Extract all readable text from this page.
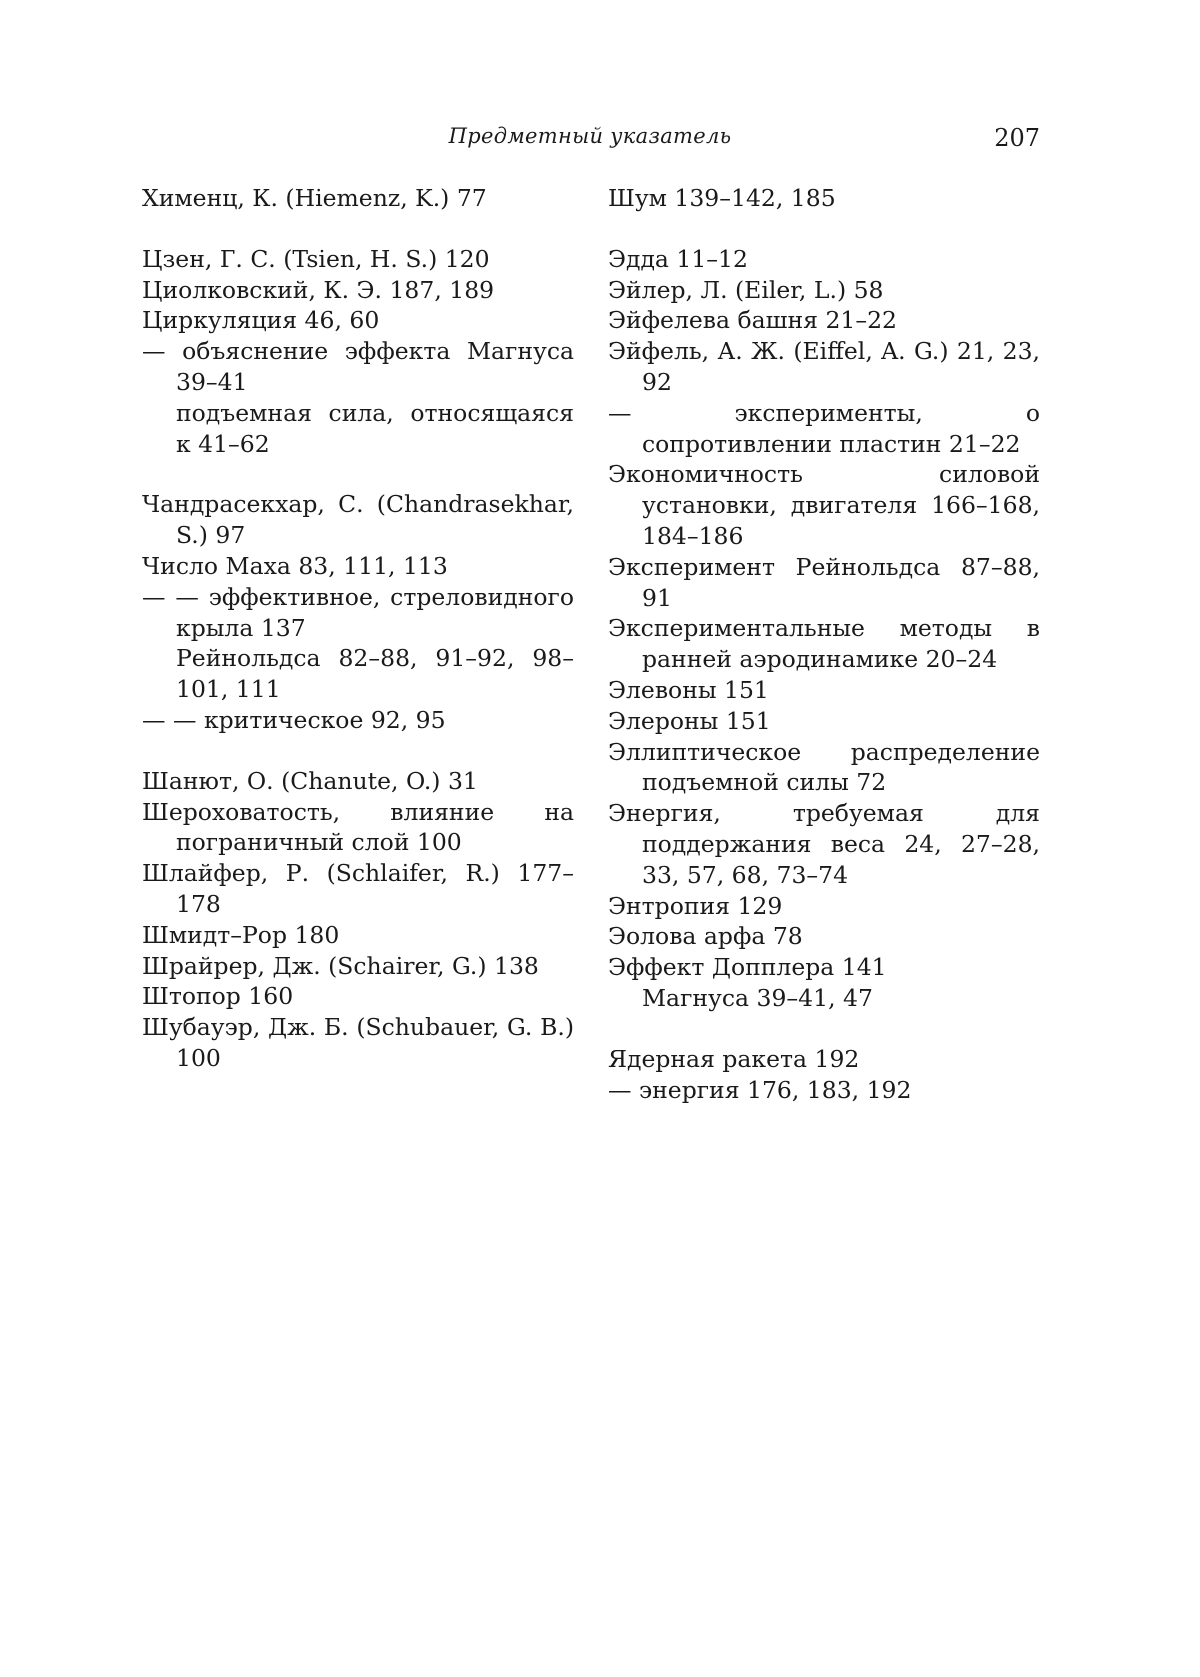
Предметный указатель	207

Хименц, К. (Hiemenz, K.) 77

Цзен, Г. С. (Tsien, H. S.) 120

Циолковский, К. Э. 187, 189

Циркуляция 46, 60

— объяснение эффекта Магнуса 39–41

подъемная сила, относящаяся к 41–62

Чандрасекхар, С. (Chandrasekhar, S.) 97

Число Маха 83, 111, 113

— — эффективное, стреловидного крыла 137

Рейнольдса 82–88, 91–92, 98–101, 111

— — критическое 92, 95

Шанют, О. (Chanute, O.) 31

Шероховатость, влияние на пограничный слой 100

Шлайфер, Р. (Schlaifer, R.) 177–178

Шмидт–Рор 180

Шрайрер, Дж. (Schairer, G.) 138

Штопор 160

Шубауэр, Дж. Б. (Schubauer, G. B.) 100

Шум 139–142, 185

Эдда 11–12

Эйлер, Л. (Eiler, L.) 58

Эйфелева башня 21–22

Эйфель, А. Ж. (Eiffel, A. G.) 21, 23, 92

— эксперименты, о сопротивлении пластин 21–22

Экономичность силовой установки, двигателя 166–168, 184–186

Эксперимент Рейнольдса 87–88, 91

Экспериментальные методы в ранней аэродинамике 20–24

Элевоны 151

Элероны 151

Эллиптическое распределение подъемной силы 72

Энергия, требуемая для поддержания веса 24, 27–28, 33, 57, 68, 73–74

Энтропия 129

Эолова арфа 78

Эффект Допплера 141

Магнуса 39–41, 47

Ядерная ракета 192

— энергия 176, 183, 192
